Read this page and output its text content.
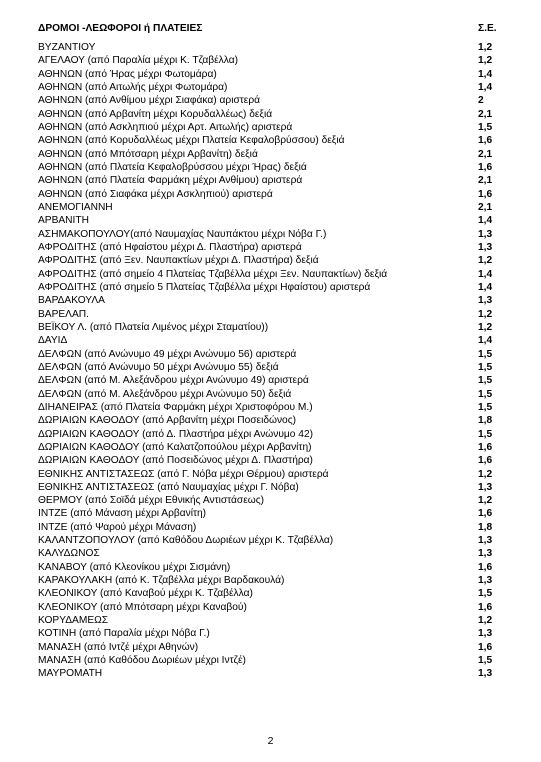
ΔΡΟΜΟΙ -ΛΕΩΦΟΡΟΙ ή ΠΛΑΤΕΙΕΣ	Σ.Ε.
ΒΥΖΑΝΤΙΟΥ	1,2
ΑΓΕΛΑΟΥ (από Παραλία μέχρι Κ. Τζαβέλλα)	1,2
ΑΘΗΝΩΝ (από Ήρας μέχρι Φωτομάρα)	1,4
ΑΘΗΝΩΝ (από Αιτωλής μέχρι Φωτομάρα)	1,4
ΑΘΗΝΩΝ (από Ανθίμου μέχρι Σιαφάκα) αριστερά	2
ΑΘΗΝΩΝ (από Αρβανίτη μέχρι Κορυδαλλέως) δεξιά	2,1
ΑΘΗΝΩΝ (από Ασκληπιού μέχρι Αρτ. Αιτωλής) αριστερά	1,5
ΑΘΗΝΩΝ (από Κορυδαλλέως μέχρι Πλατεία Κεφαλοβρύσσου) δεξιά	1,6
ΑΘΗΝΩΝ (από Μπότσαρη μέχρι Αρβανίτη) δεξιά	2,1
ΑΘΗΝΩΝ (από Πλατεία Κεφαλοβρύσσου μέχρι Ήρας) δεξιά	1,6
ΑΘΗΝΩΝ (από Πλατεία Φαρμάκη μέχρι Ανθίμου) αριστερά	2,1
ΑΘΗΝΩΝ (από Σιαφάκα μέχρι Ασκληπιού) αριστερά	1,6
ΑΝΕΜΟΓΙΑΝΝΗ	2,1
ΑΡΒΑΝΙΤΗ	1,4
ΑΣΗΜΑΚΟΠΟΥΛΟΥ(από Ναυμαχίας Ναυπάκτου μέχρι Νόβα Γ.)	1,3
ΑΦΡΟΔΙΤΗΣ (από Ηφαίστου μέχρι Δ. Πλαστήρα) αριστερά	1,3
ΑΦΡΟΔΙΤΗΣ (από Ξεν. Ναυπακτίων μέχρι Δ. Πλαστήρα) δεξιά	1,2
ΑΦΡΟΔΙΤΗΣ (από σημείο 4 Πλατείας Τζαβέλλα μέχρι Ξεν. Ναυπακτίων) δεξιά	1,4
ΑΦΡΟΔΙΤΗΣ (από σημείο 5 Πλατείας Τζαβέλλα μέχρι Ηφαίστου) αριστερά	1,4
ΒΑΡΔΑΚΟΥΛΑ	1,3
ΒΑΡΕΛΑΠ.	1,2
ΒΕΪΚΟΥ Λ. (από Πλατεία Λιμένος μέχρι Σταματίου))	1,2
ΔΑΥΙΔ	1,4
ΔΕΛΦΩΝ (από Ανώνυμο 49 μέχρι Ανώνυμο 56) αριστερά	1,5
ΔΕΛΦΩΝ (από Ανώνυμο 50 μέχρι Ανώνυμο 55) δεξιά	1,5
ΔΕΛΦΩΝ (από Μ. Αλεξάνδρου μέχρι Ανώνυμο 49) αριστερά	1,5
ΔΕΛΦΩΝ (από Μ. Αλεξάνδρου μέχρι Ανώνυμο 50) δεξιά	1,5
ΔΙΗΑΝΕΙΡΑΣ (από Πλατεία Φαρμάκη μέχρι Χριστοφόρου Μ.)	1,5
ΔΩΡΙΑΙΩΝ ΚΑΘΟΔΟΥ (από Αρβανίτη μέχρι Ποσειδώνος)	1,8
ΔΩΡΙΑΙΩΝ ΚΑΘΟΔΟΥ (από Δ. Πλαστήρα μέχρι Ανώνυμο 42)	1,5
ΔΩΡΙΑΙΩΝ ΚΑΘΟΔΟΥ (από Καλατζοπούλου μέχρι Αρβανίτη)	1,6
ΔΩΡΙΑΙΩΝ ΚΑΘΟΔΟΥ (από Ποσειδώνος μέχρι Δ. Πλαστήρα)	1,6
ΕΘΝΙΚΗΣ ΑΝΤΙΣΤΑΣΕΩΣ (από Γ. Νόβα μέχρι Θέρμου) αριστερά	1,2
ΕΘΝΙΚΗΣ ΑΝΤΙΣΤΑΣΕΩΣ (από Ναυμαχίας μέχρι Γ. Νόβα)	1,3
ΘΕΡΜΟΥ (από Σοϊδά μέχρι Εθνικής Αντιστάσεως)	1,2
ΙΝΤΖΕ (από Μάναση μέχρι Αρβανίτη)	1,6
ΙΝΤΖΕ (από Ψαρού μέχρι Μάναση)	1,8
ΚΑΛΑΝΤΖΟΠΟΥΛΟΥ (από Καθόδου Δωριέων μέχρι Κ. Τζαβέλλα)	1,3
ΚΑΛΥΔΩΝΟΣ	1,3
ΚΑΝΑΒΟΥ (από Κλεονίκου μέχρι Σισμάνη)	1,6
ΚΑΡΑΚΟΥΛΑΚΗ (από Κ. Τζαβέλλα μέχρι Βαρδακουλά)	1,3
ΚΛΕΟΝΙΚΟΥ (από Καναβού μέχρι Κ. Τζαβέλλα)	1,5
ΚΛΕΟΝΙΚΟΥ (από Μπότσαρη μέχρι Καναβού)	1,6
ΚΟΡΥΔΑΜΕΩΣ	1,2
ΚΟΤΙΝΗ (από Παραλία μέχρι Νόβα Γ.)	1,3
ΜΑΝΑΣΗ (από Ιντζέ μέχρι Αθηνών)	1,6
ΜΑΝΑΣΗ (από Καθόδου Δωριέων μέχρι Ιντζέ)	1,5
ΜΑΥΡΟΜΑΤΗ	1,3
2
